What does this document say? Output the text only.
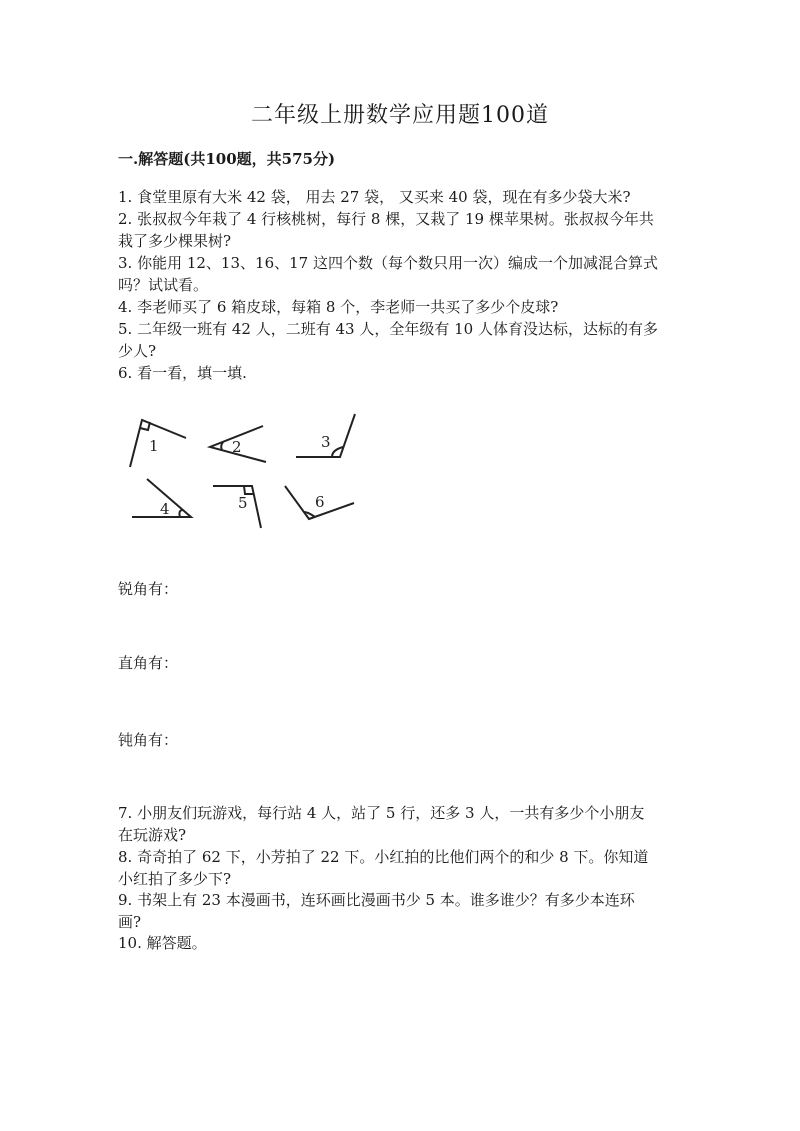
二年级上册数学应用题100道
一.解答题(共100题，共575分)
1. 食堂里原有大米 42 袋， 用去 27 袋， 又买来 40 袋，现在有多少袋大米?
2. 张叔叔今年栽了 4 行核桃树，每行 8 棵，又栽了 19 棵苹果树。张叔叔今年共
栽了多少棵果树?
3. 你能用 12、13、16、17 这四个数（每个数只用一次）编成一个加减混合算式
吗？试试看。
4. 李老师买了 6 箱皮球，每箱 8 个，李老师一共买了多少个皮球?
5. 二年级一班有 42 人，二班有 43 人，全年级有 10 人体育没达标，达标的有多
少人?
6. 看一看，填一填.
1	2	3
4	5	6
锐角有：
直角有：
钝角有：
7. 小朋友们玩游戏，每行站 4 人，站了 5 行，还多 3 人，一共有多少个小朋友
在玩游戏?
8. 奇奇拍了 62 下，小芳拍了 22 下。小红拍的比他们两个的和少 8 下。你知道
小红拍了多少下?
9. 书架上有 23 本漫画书，连环画比漫画书少 5 本。谁多谁少？有多少本连环
画?
10. 解答题。
